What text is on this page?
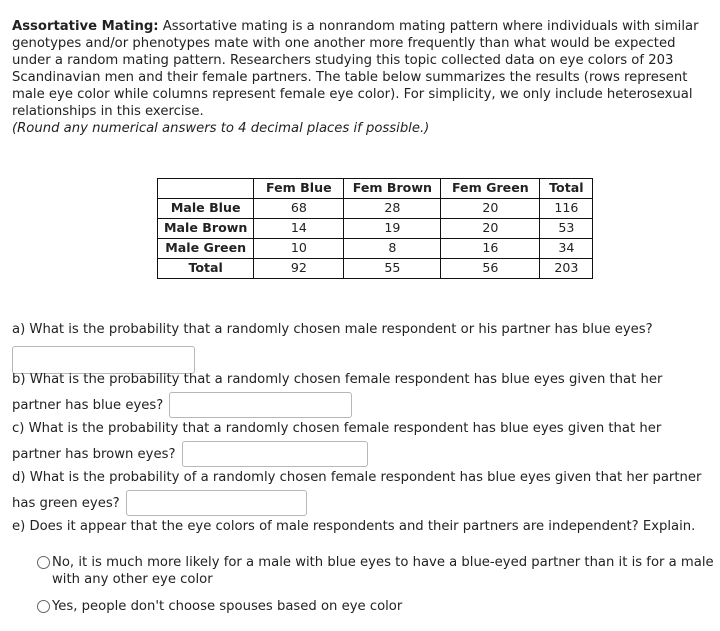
Assortative Mating: Assortative mating is a nonrandom mating pattern where individuals with similar genotypes and/or phenotypes mate with one another more frequently than what would be expected under a random mating pattern. Researchers studying this topic collected data on eye colors of 203 Scandinavian men and their female partners. The table below summarizes the results (rows represent male eye color while columns represent female eye color). For simplicity, we only include heterosexual relationships in this exercise.
(Round any numerical answers to 4 decimal places if possible.)
	Fem Blue	Fem Brown	Fem Green	Total
Male Blue	68	28	20	116
Male Brown	14	19	20	53
Male Green	10	8	16	34
Total	92	55	56	203
a) What is the probability that a randomly chosen male respondent or his partner has blue eyes?
b) What is the probability that a randomly chosen female respondent has blue eyes given that her partner has blue eyes?
c) What is the probability that a randomly chosen female respondent has blue eyes given that her partner has brown eyes?
d) What is the probability of a randomly chosen female respondent has blue eyes given that her partner has green eyes?
e) Does it appear that the eye colors of male respondents and their partners are independent? Explain.
No, it is much more likely for a male with blue eyes to have a blue-eyed partner than it is for a male with any other eye color
Yes, people don't choose spouses based on eye color
